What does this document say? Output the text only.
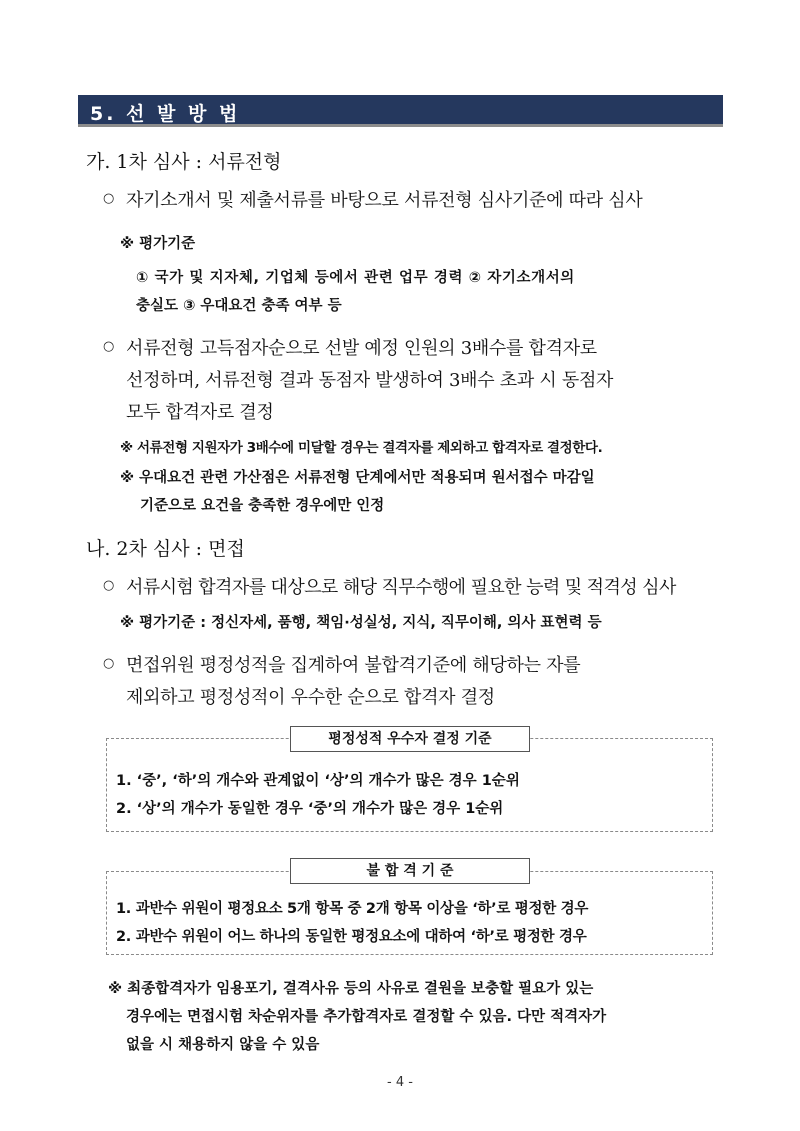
5. 선 발 방 법
가. 1차 심사 : 서류전형
○ 자기소개서 및 제출서류를 바탕으로 서류전형 심사기준에 따라 심사
※ 평가기준
① 국가 및 지자체, 기업체 등에서 관련 업무 경력 ② 자기소개서의
충실도 ③ 우대요건 충족 여부 등
○ 서류전형 고득점자순으로 선발 예정 인원의 3배수를 합격자로
선정하며, 서류전형 결과 동점자 발생하여 3배수 초과 시 동점자
모두 합격자로 결정
※ 서류전형 지원자가 3배수에 미달할 경우는 결격자를 제외하고 합격자로 결정한다.
※ 우대요건 관련 가산점은 서류전형 단계에서만 적용되며 원서접수 마감일
기준으로 요건을 충족한 경우에만 인정
나. 2차 심사 : 면접
○ 서류시험 합격자를 대상으로 해당 직무수행에 필요한 능력 및 적격성 심사
※ 평가기준 : 정신자세, 품행, 책임·성실성, 지식, 직무이해, 의사 표현력 등
○ 면접위원 평정성적을 집계하여 불합격기준에 해당하는 자를
제외하고 평정성적이 우수한 순으로 합격자 결정
평정성적 우수자 결정 기준
1. ‘중’, ‘하’의 개수와 관계없이 ‘상’의 개수가 많은 경우 1순위
2. ‘상’의 개수가 동일한 경우 ‘중’의 개수가 많은 경우 1순위
불 합 격 기 준
1. 과반수 위원이 평정요소 5개 항목 중 2개 항목 이상을 ‘하’로 평정한 경우
2. 과반수 위원이 어느 하나의 동일한 평정요소에 대하여 ‘하’로 평정한 경우
※ 최종합격자가 임용포기, 결격사유 등의 사유로 결원을 보충할 필요가 있는
경우에는 면접시험 차순위자를 추가합격자로 결정할 수 있음. 다만 적격자가
없을 시 채용하지 않을 수 있음
- 4 -
